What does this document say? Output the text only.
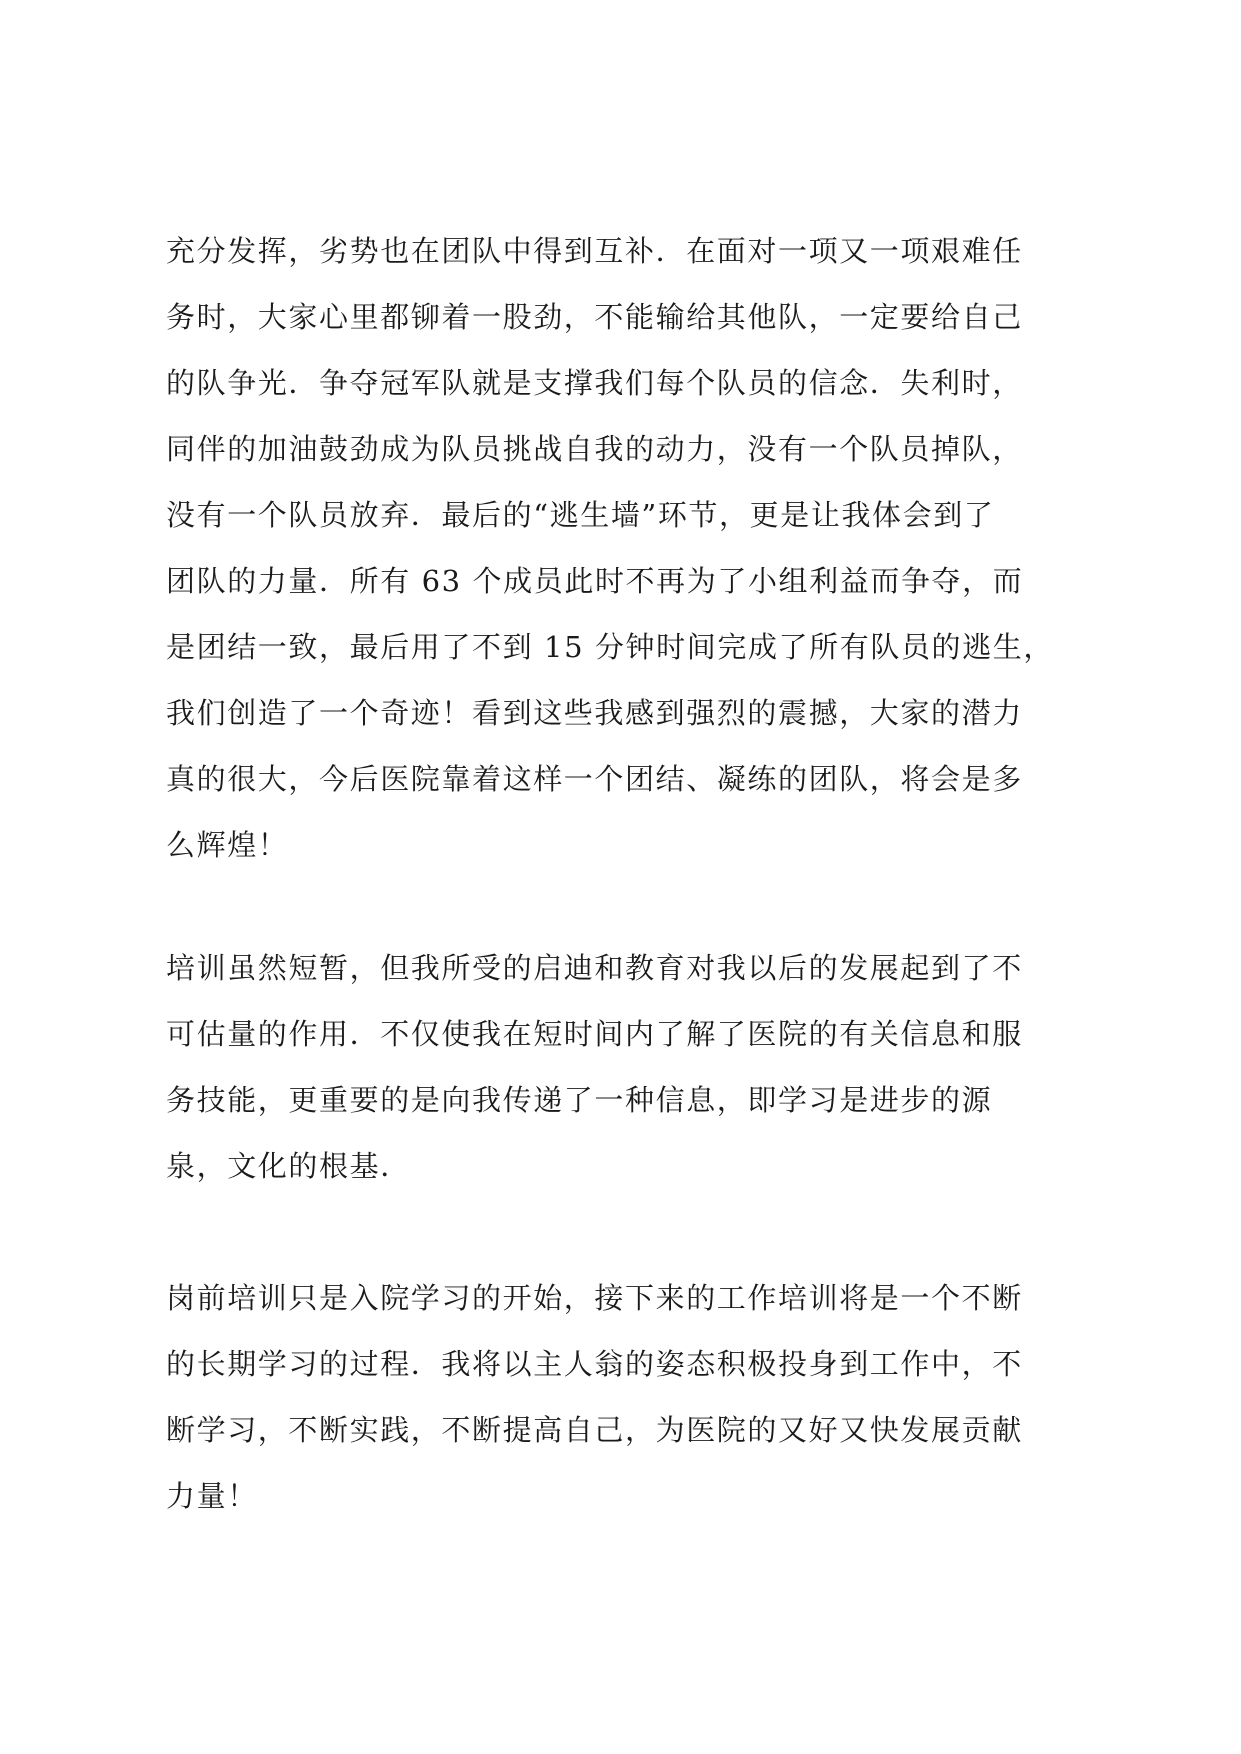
充分发挥，劣势也在团队中得到互补．在面对一项又一项艰难任
务时，大家心里都铆着一股劲，不能输给其他队，一定要给自己
的队争光．争夺冠军队就是支撑我们每个队员的信念．失利时，
同伴的加油鼓劲成为队员挑战自我的动力，没有一个队员掉队，
没有一个队员放弃．最后的“逃生墙”环节，更是让我体会到了
团队的力量．所有 63 个成员此时不再为了小组利益而争夺，而
是团结一致，最后用了不到 15 分钟时间完成了所有队员的逃生，
我们创造了一个奇迹！看到这些我感到强烈的震撼，大家的潜力
真的很大，今后医院靠着这样一个团结、凝练的团队，将会是多
么辉煌！
培训虽然短暂，但我所受的启迪和教育对我以后的发展起到了不
可估量的作用．不仅使我在短时间内了解了医院的有关信息和服
务技能，更重要的是向我传递了一种信息，即学习是进步的源
泉，文化的根基．
岗前培训只是入院学习的开始，接下来的工作培训将是一个不断
的长期学习的过程．我将以主人翁的姿态积极投身到工作中，不
断学习，不断实践，不断提高自己，为医院的又好又快发展贡献
力量！
